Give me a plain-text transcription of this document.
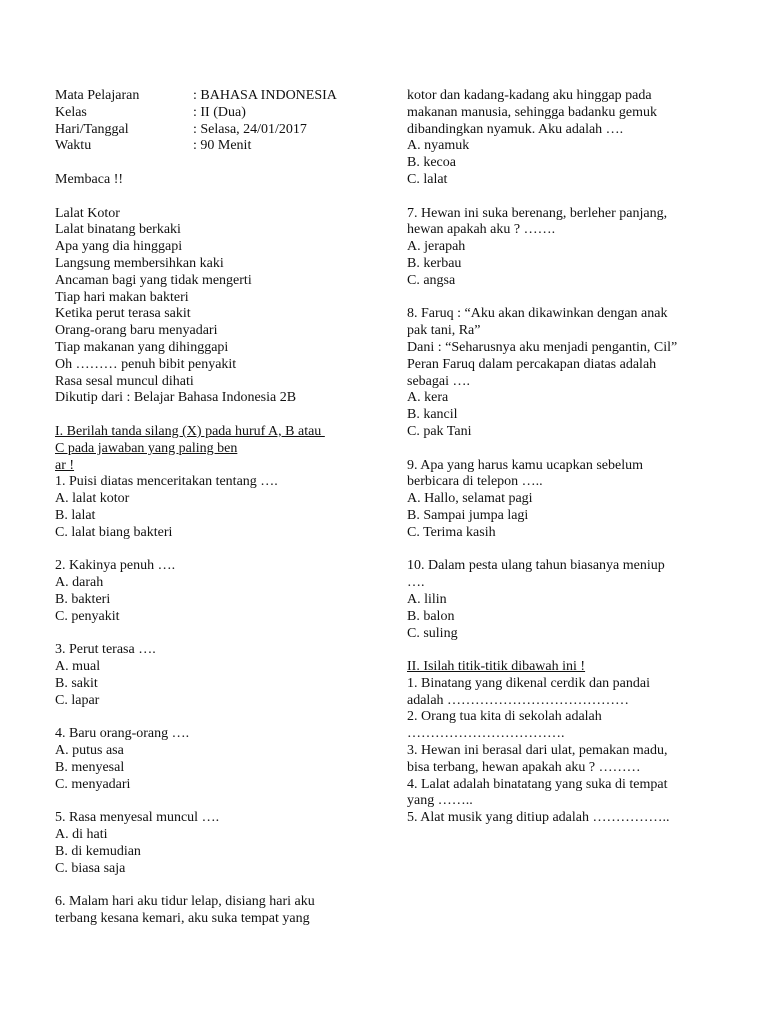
Mata Pelajaran	: BAHASA INDONESIA
Kelas	: II (Dua)
Hari/Tanggal	: Selasa, 24/01/2017
Waktu	: 90 Menit
Membaca !!
Lalat Kotor
Lalat binatang berkaki
Apa yang dia hinggapi
Langsung membersihkan kaki
Ancaman bagi yang tidak mengerti
Tiap hari makan bakteri
Ketika perut terasa sakit
Orang-orang baru menyadari
Tiap makanan yang dihinggapi
Oh ……… penuh bibit penyakit
Rasa sesal muncul dihati
Dikutip dari : Belajar Bahasa Indonesia 2B
I. Berilah tanda silang (X) pada huruf A, B atau
C pada jawaban yang paling ben
ar !
1. Puisi diatas menceritakan tentang ….
A. lalat kotor
B. lalat
C. lalat biang bakteri
2. Kakinya penuh ….
A. darah
B. bakteri
C. penyakit
3. Perut terasa ….
A. mual
B. sakit
C. lapar
4. Baru orang-orang ….
A. putus asa
B. menyesal
C. menyadari
5. Rasa menyesal muncul ….
A. di hati
B. di kemudian
C. biasa saja
6. Malam hari aku tidur lelap, disiang hari aku
terbang kesana kemari, aku suka tempat yang
kotor dan kadang-kadang aku hinggap pada
makanan manusia, sehingga badanku gemuk
dibandingkan nyamuk. Aku adalah ….
A. nyamuk
B. kecoa
C. lalat
7. Hewan ini suka berenang, berleher panjang,
hewan apakah aku ? …….
A. jerapah
B. kerbau
C. angsa
8. Faruq : “Aku akan dikawinkan dengan anak
pak tani, Ra”
Dani : “Seharusnya aku menjadi pengantin, Cil”
Peran Faruq dalam percakapan diatas adalah
sebagai ….
A. kera
B. kancil
C. pak Tani
9. Apa yang harus kamu ucapkan sebelum
berbicara di telepon …..
A. Hallo, selamat pagi
B. Sampai jumpa lagi
C. Terima kasih
10. Dalam pesta ulang tahun biasanya meniup
….
A. lilin
B. balon
C. suling
II. Isilah titik-titik dibawah ini !
1. Binatang yang dikenal cerdik dan pandai
adalah …………………………………
2. Orang tua kita di sekolah adalah
…………………………….
3. Hewan ini berasal dari ulat, pemakan madu,
bisa terbang, hewan apakah aku ? ………
4. Lalat adalah binatatang yang suka di tempat
yang ……..
5. Alat musik yang ditiup adalah ……………..
